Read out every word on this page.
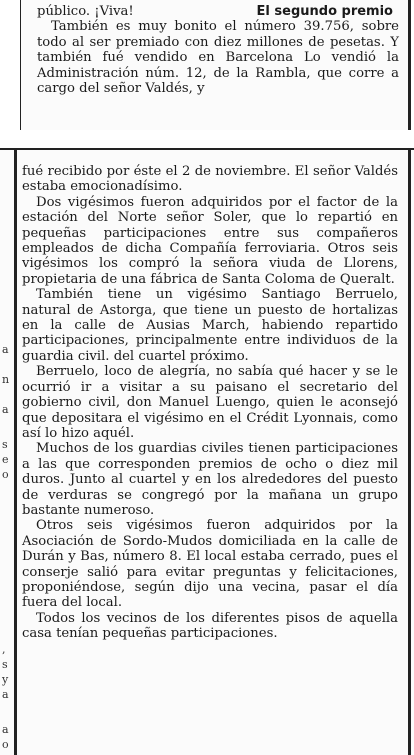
público. ¡Viva!	El segundo premio

También es muy bonito el número 39.756, sobre todo al ser premiado con diez millones de pesetas. Y también fué vendido en Barcelona Lo vendió la Administración núm. 12, de la Rambla, que corre a cargo del señor Valdés, y

a
n
a
s
e
o
,
s
y
a
a
o

fué recibido por éste el 2 de noviembre. El señor Valdés estaba emocionadísimo.

Dos vigésimos fueron adquiridos por el factor de la estación del Norte señor Soler, que lo repartió en pequeñas participaciones entre sus compañeros empleados de dicha Compañía ferroviaria. Otros seis vigésimos los compró la señora viuda de Llorens, propietaria de una fábrica de Santa Coloma de Queralt.

También tiene un vigésimo Santiago Berruelo, natural de Astorga, que tiene un puesto de hortalizas en la calle de Ausias March, habiendo repartido participaciones, principalmente entre individuos de la guardia civil. del cuartel próximo.

Berruelo, loco de alegría, no sabía qué hacer y se le ocurrió ir a visitar a su paisano el secretario del gobierno civil, don Manuel Luengo, quien le aconsejó que depositara el vigésimo en el Crédit Lyonnais, como así lo hizo aquél.

Muchos de los guardias civiles tienen participaciones a las que corresponden premios de ocho o diez mil duros. Junto al cuartel y en los alrededores del puesto de verduras se congregó por la mañana un grupo bastante numeroso.

Otros seis vigésimos fueron adquiridos por la Asociación de Sordo-Mudos domiciliada en la calle de Durán y Bas, número 8. El local estaba cerrado, pues el conserje salió para evitar preguntas y felicitaciones, proponiéndose, según dijo una vecina, pasar el día fuera del local.

Todos los vecinos de los diferentes pisos de aquella casa tenían pequeñas participaciones.
